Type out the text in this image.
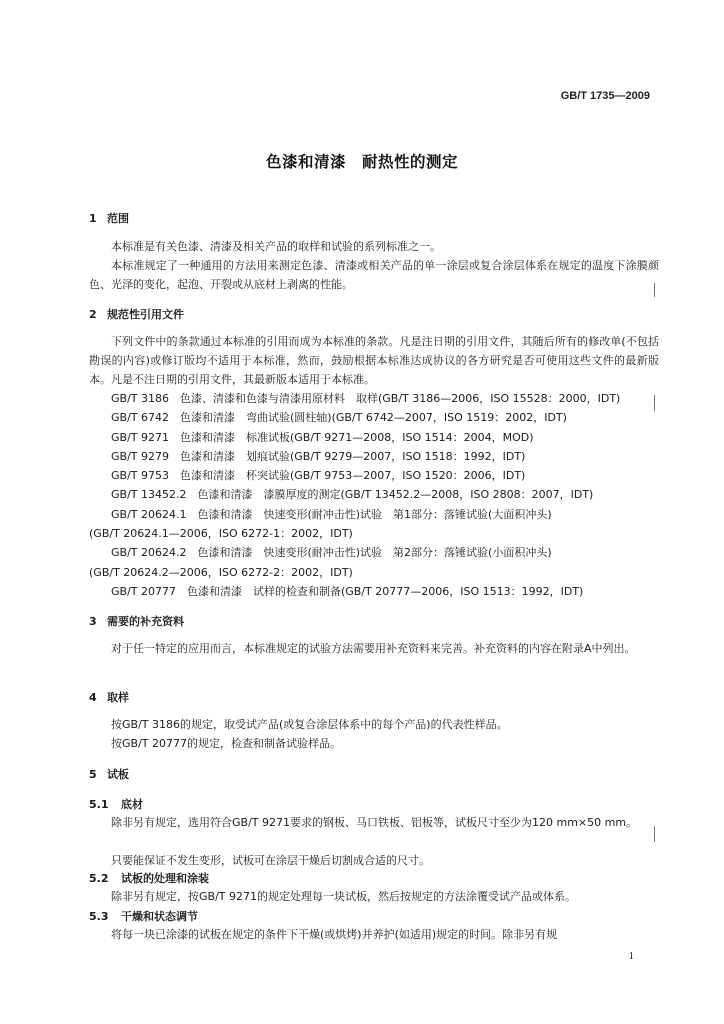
GB/T 1735—2009
色漆和清漆　耐热性的测定
1 范围
本标准是有关色漆、清漆及相关产品的取样和试验的系列标准之一。
本标准规定了一种通用的方法用来测定色漆、清漆或相关产品的单一涂层或复合涂层体系在规定的温度下涂膜颜色、光泽的变化，起泡、开裂或从底材上剥离的性能。
2 规范性引用文件
下列文件中的条款通过本标准的引用而成为本标准的条款。凡是注日期的引用文件，其随后所有的修改单(不包括勘误的内容)或修订版均不适用于本标准，然而，鼓励根据本标准达成协议的各方研究是否可使用这些文件的最新版本。凡是不注日期的引用文件，其最新版本适用于本标准。
GB/T 3186　色漆、清漆和色漆与清漆用原材料　取样(GB/T 3186—2006，ISO 15528：2000，IDT)
GB/T 6742　色漆和清漆　弯曲试验(圆柱轴)(GB/T 6742—2007，ISO 1519：2002，IDT)
GB/T 9271　色漆和清漆　标准试板(GB/T 9271—2008，ISO 1514：2004，MOD)
GB/T 9279　色漆和清漆　划痕试验(GB/T 9279—2007，ISO 1518：1992，IDT)
GB/T 9753　色漆和清漆　杯突试验(GB/T 9753—2007，ISO 1520：2006，IDT)
GB/T 13452.2　色漆和清漆　漆膜厚度的测定(GB/T 13452.2—2008，ISO 2808：2007，IDT)
GB/T 20624.1　色漆和清漆　快速变形(耐冲击性)试验　第1部分：落锤试验(大面积冲头)
(GB/T 20624.1—2006，ISO 6272-1：2002，IDT)
GB/T 20624.2　色漆和清漆　快速变形(耐冲击性)试验　第2部分：落锤试验(小面积冲头)
(GB/T 20624.2—2006，ISO 6272-2：2002，IDT)
GB/T 20777　色漆和清漆　试样的检查和制备(GB/T 20777—2006，ISO 1513：1992，IDT)
3 需要的补充资料
对于任一特定的应用而言，本标准规定的试验方法需要用补充资料来完善。补充资料的内容在附录A中列出。
4 取样
按GB/T 3186的规定，取受试产品(或复合涂层体系中的每个产品)的代表性样品。
按GB/T 20777的规定，检查和制备试验样品。
5 试板
5.1 底材
除非另有规定，选用符合GB/T 9271要求的钢板、马口铁板、铝板等，试板尺寸至少为120 mm×50 mm。
只要能保证不发生变形，试板可在涂层干燥后切割成合适的尺寸。
5.2 试板的处理和涂装
除非另有规定，按GB/T 9271的规定处理每一块试板，然后按规定的方法涂覆受试产品或体系。
5.3 干燥和状态调节
将每一块已涂漆的试板在规定的条件下干燥(或烘烤)并养护(如适用)规定的时间。除非另有规
1
